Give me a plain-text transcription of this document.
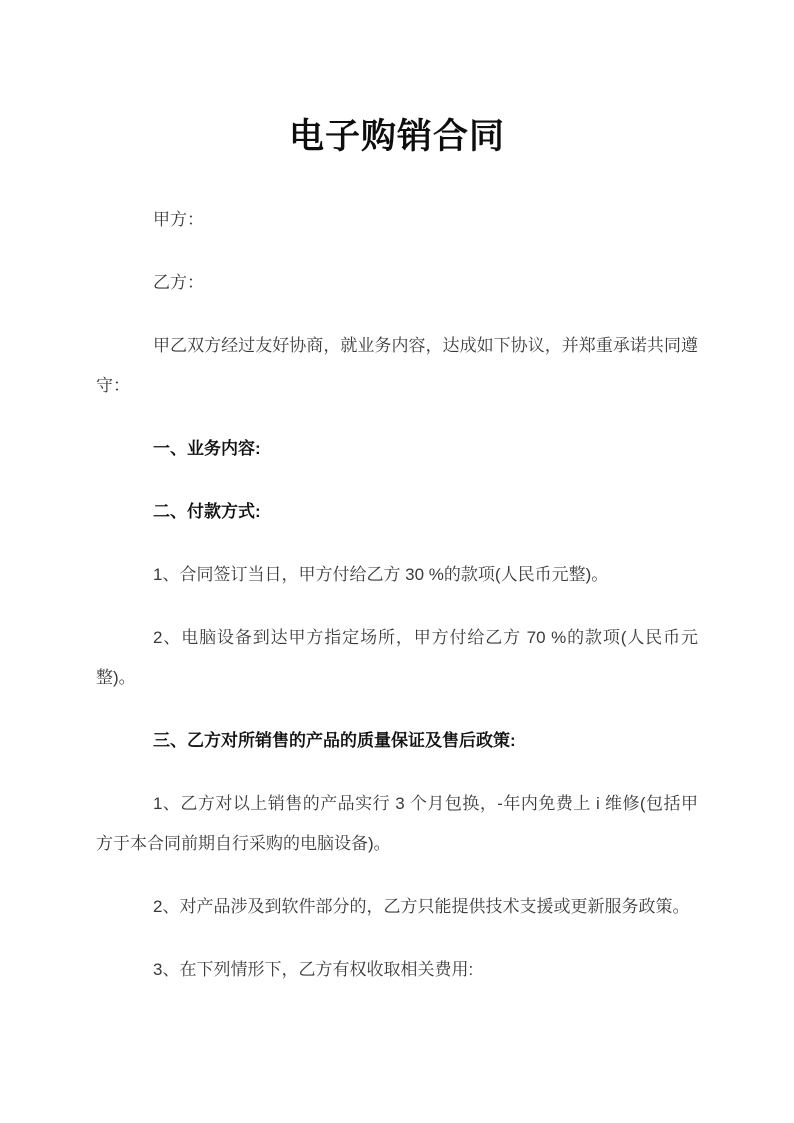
电子购销合同

甲方：

乙方：

甲乙双方经过友好协商，就业务内容，达成如下协议，并郑重承诺共同遵守：

一、业务内容:

二、付款方式:

1、合同签订当日，甲方付给乙方 30 %的款项(人民币元整)。

2、电脑设备到达甲方指定场所，甲方付给乙方 70 %的款项(人民币元整)。

三、乙方对所销售的产品的质量保证及售后政策:

1、乙方对以上销售的产品实行 3 个月包换，-年内免费上 i 维修(包括甲方于本合同前期自行采购的电脑设备)。

2、对产品涉及到软件部分的，乙方只能提供技术支援或更新服务政策。

3、在下列情形下，乙方有权收取相关费用:
